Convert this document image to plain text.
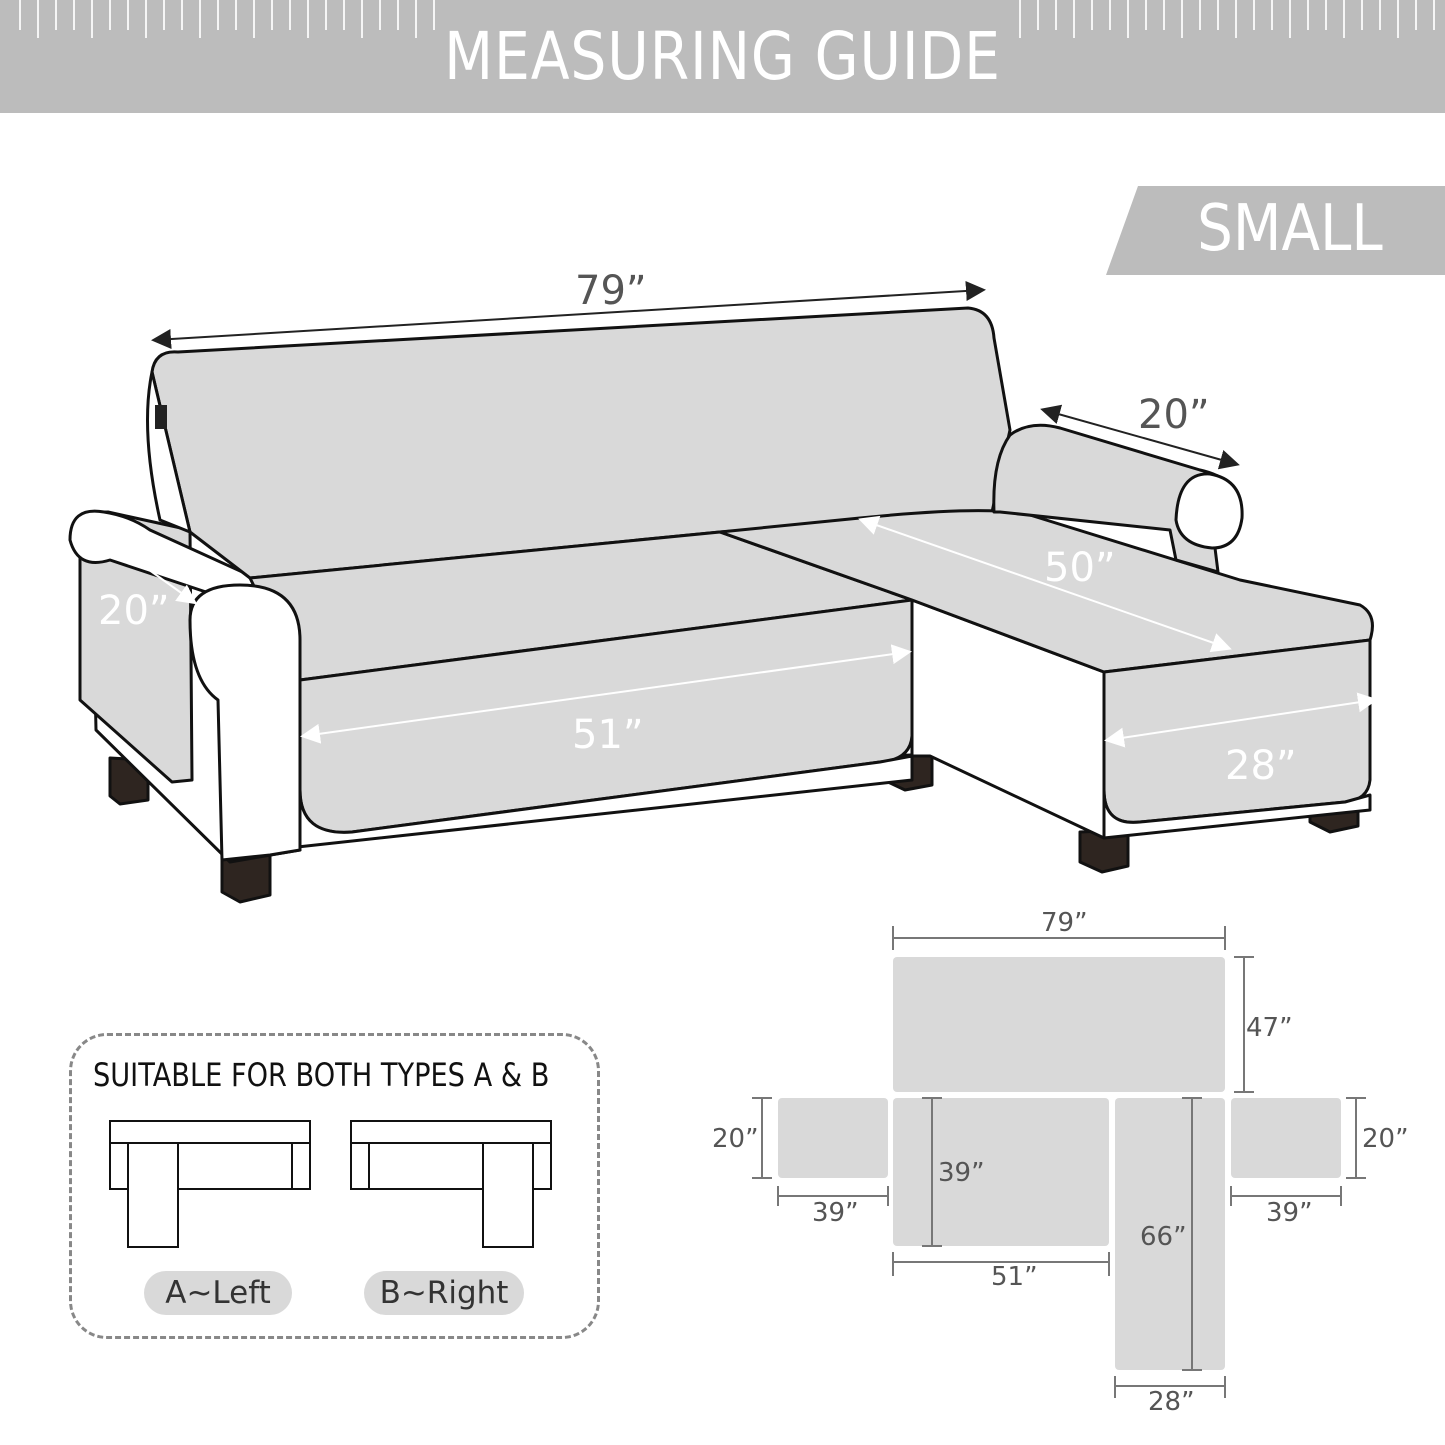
MEASURING GUIDE
SMALL
79”
20”
20”
50”
51”
28”
SUITABLE FOR BOTH TYPES A & B
A~Left	B~Right
79”
47”
20”
39”
39”
51”
66”
28”
20”
39”
